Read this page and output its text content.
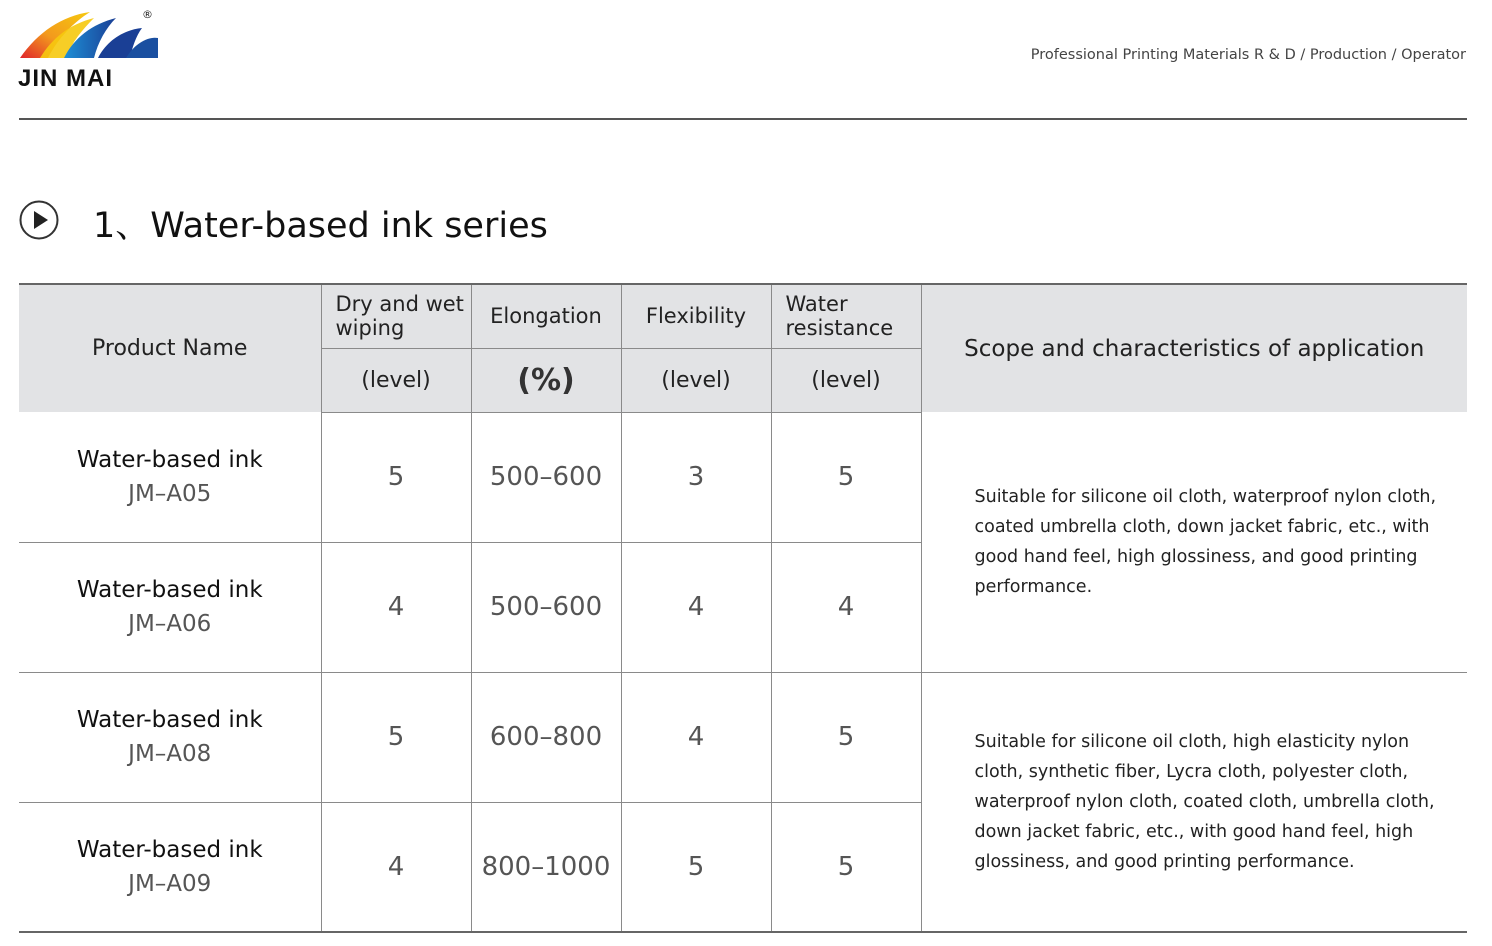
®
JIN MAI
Professional Printing Materials R & D / Production / Operator
1、Water-based ink series
Product Name	Dry and wet wiping	Elongation	Flexibility	Water resistance	Scope and characteristics of application
	(level)	(%)	(level)	(level)	

Water-based ink
JM–A05	5	500–600	3	5	Suitable for silicone oil cloth, waterproof nylon cloth, coated umbrella cloth, down jacket fabric, etc., with good hand feel, high glossiness, and good printing performance.

Water-based ink
JM–A06	4	500–600	4	4	

Water-based ink
JM–A08	5	600–800	4	5	Suitable for silicone oil cloth, high elasticity nylon cloth, synthetic fiber, Lycra cloth, polyester cloth, waterproof nylon cloth, coated cloth, umbrella cloth, down jacket fabric, etc., with good hand feel, high glossiness, and good printing performance.

Water-based ink
JM–A09	4	800–1000	5	5	
